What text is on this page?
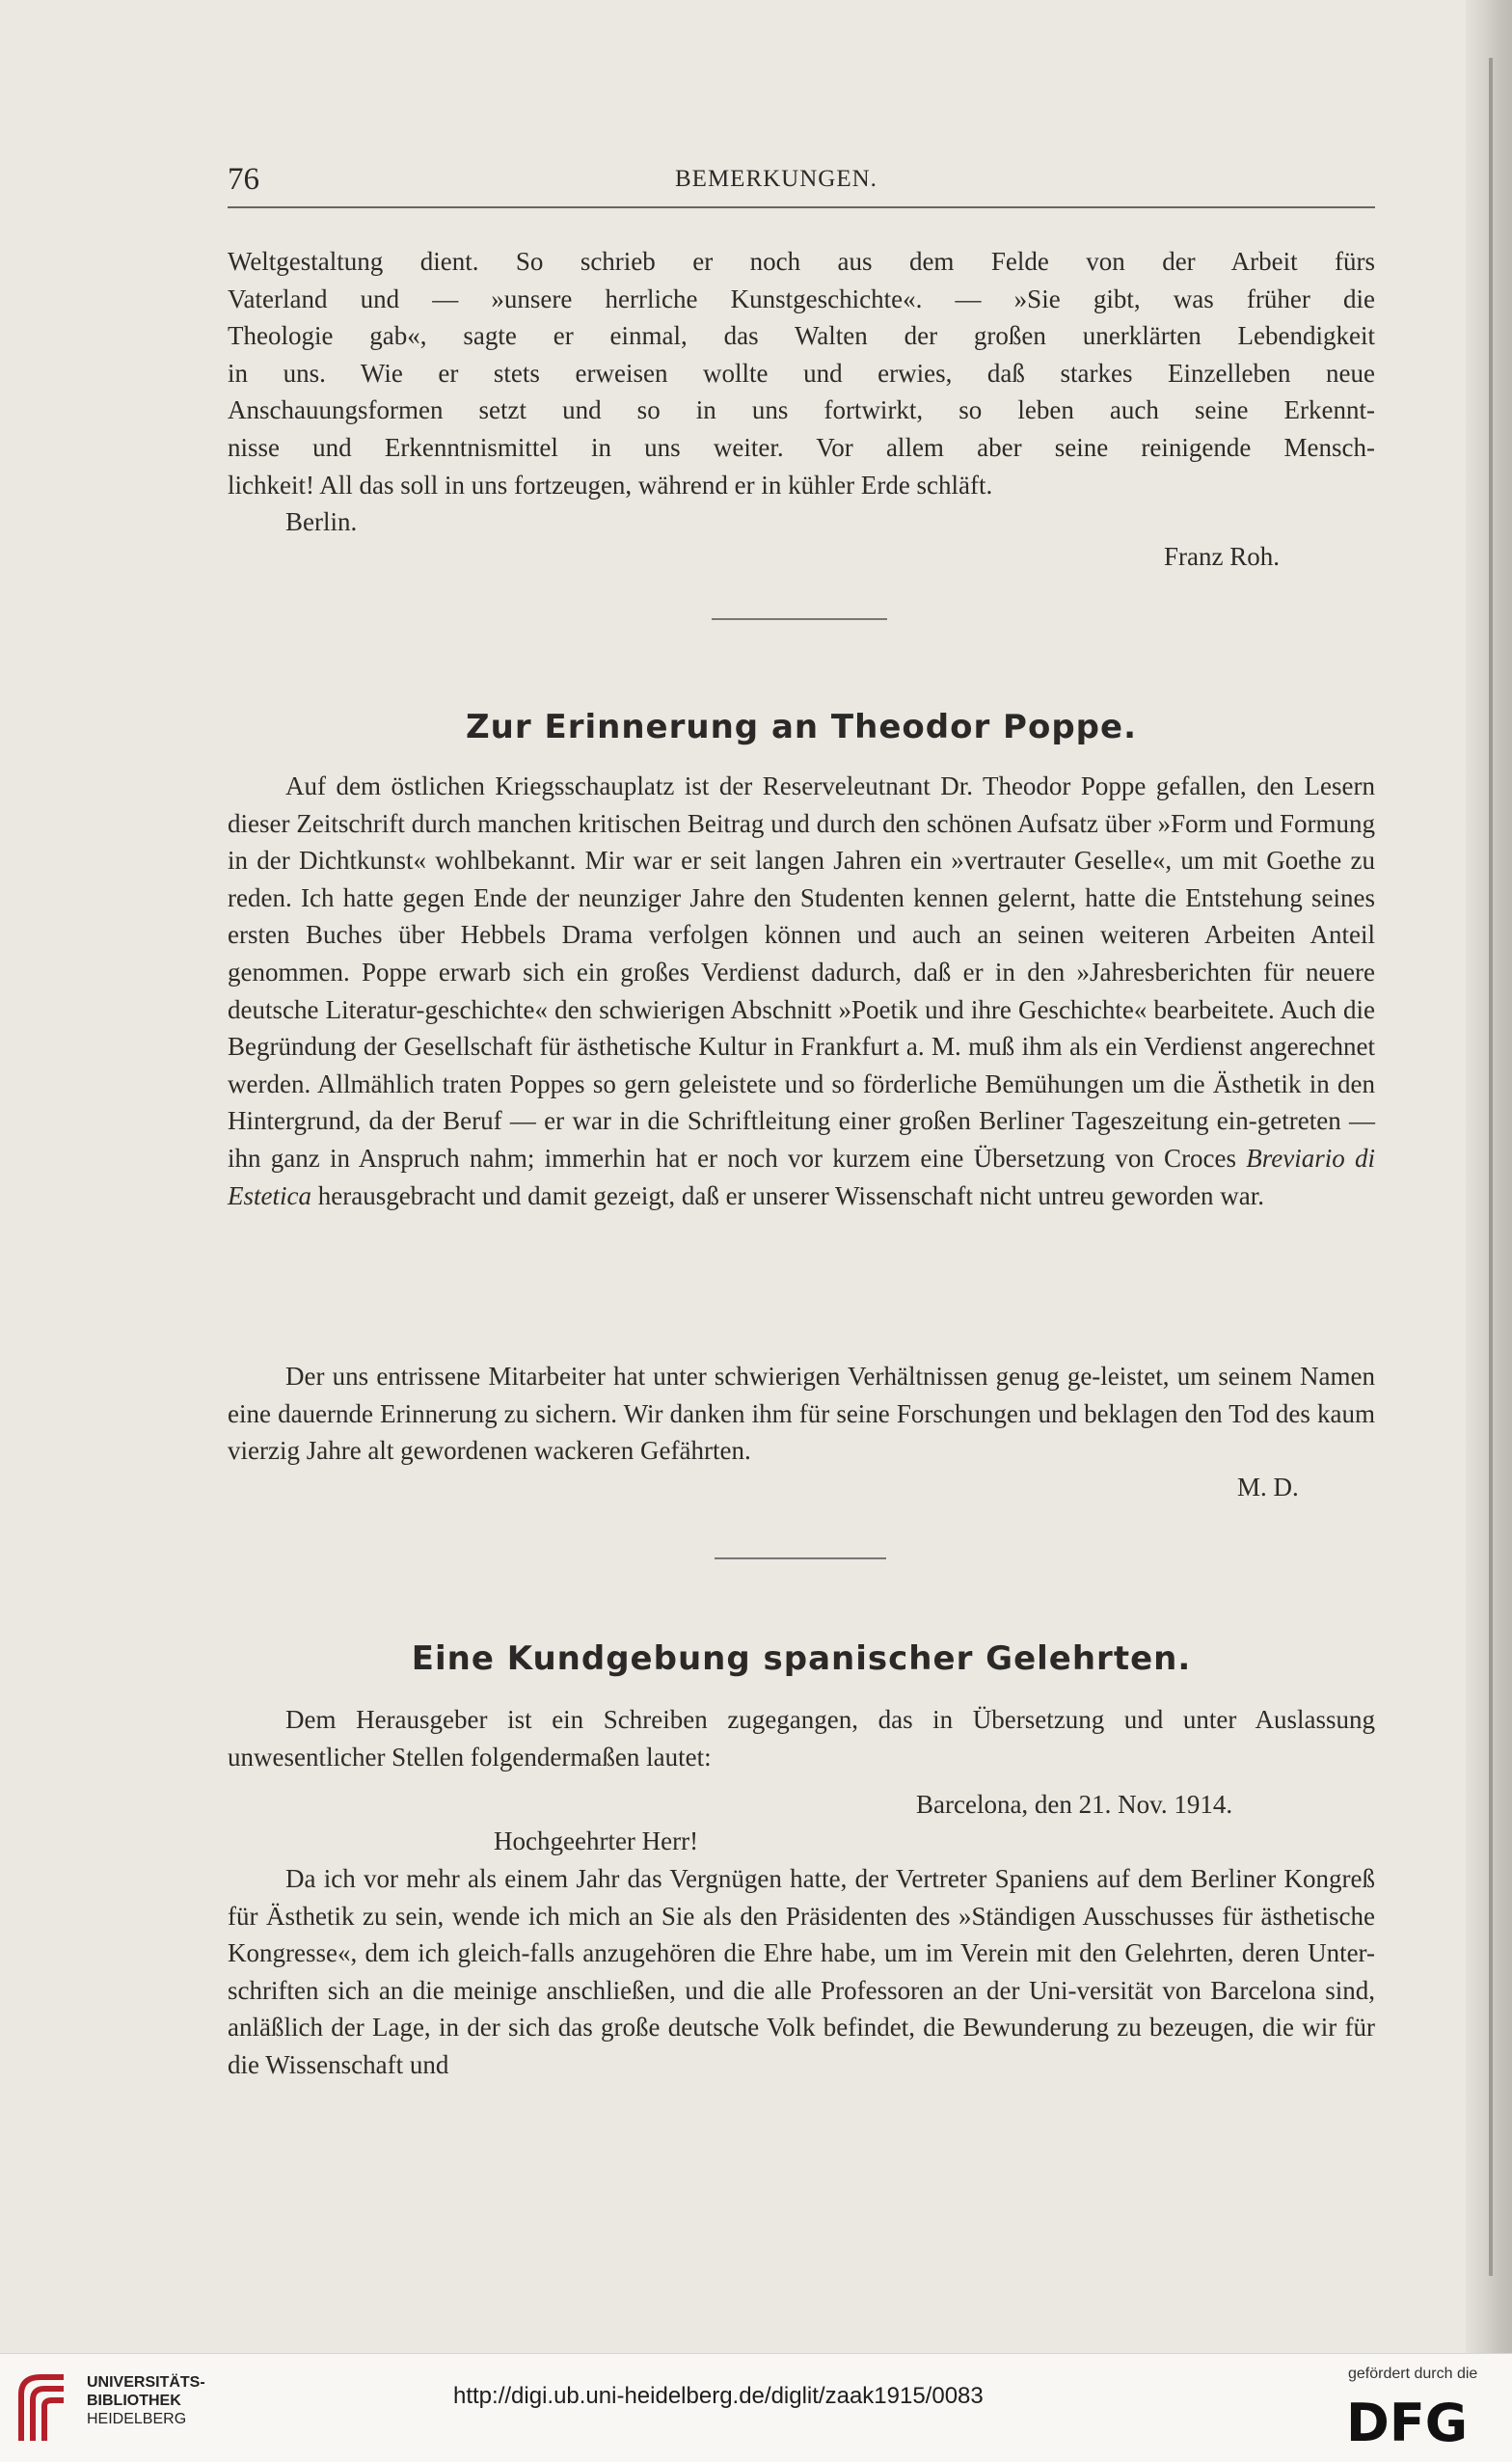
76	BEMERKUNGEN.
Weltgestaltung dient. So schrieb er noch aus dem Felde von der Arbeit fürs
Vaterland und — »unsere herrliche Kunstgeschichte«. — »Sie gibt, was früher die
Theologie gab«, sagte er einmal, das Walten der großen unerklärten Lebendigkeit
in uns. Wie er stets erweisen wollte und erwies, daß starkes Einzelleben neue
Anschauungsformen setzt und so in uns fortwirkt, so leben auch seine Erkennt-
nisse und Erkenntnismittel in uns weiter. Vor allem aber seine reinigende Mensch-
lichkeit! All das soll in uns fortzeugen, während er in kühler Erde schläft.
Berlin.
Franz Roh.
Zur Erinnerung an Theodor Poppe.

Auf dem östlichen Kriegsschauplatz ist der Reserveleutnant Dr. Theodor Poppe gefallen, den Lesern dieser Zeitschrift durch manchen kritischen Beitrag und durch den schönen Aufsatz über »Form und Formung in der Dichtkunst« wohlbekannt. Mir war er seit langen Jahren ein »vertrauter Geselle«, um mit Goethe zu reden. Ich hatte gegen Ende der neunziger Jahre den Studenten kennen gelernt, hatte die Entstehung seines ersten Buches über Hebbels Drama verfolgen können und auch an seinen weiteren Arbeiten Anteil genommen. Poppe erwarb sich ein großes Verdienst dadurch, daß er in den »Jahresberichten für neuere deutsche Literatur-geschichte« den schwierigen Abschnitt »Poetik und ihre Geschichte« bearbeitete. Auch die Begründung der Gesellschaft für ästhetische Kultur in Frankfurt a. M. muß ihm als ein Verdienst angerechnet werden. Allmählich traten Poppes so gern geleistete und so förderliche Bemühungen um die Ästhetik in den Hintergrund, da der Beruf — er war in die Schriftleitung einer großen Berliner Tageszeitung ein-getreten — ihn ganz in Anspruch nahm; immerhin hat er noch vor kurzem eine Übersetzung von Croces Breviario di Estetica herausgebracht und damit gezeigt, daß er unserer Wissenschaft nicht untreu geworden war.

Der uns entrissene Mitarbeiter hat unter schwierigen Verhältnissen genug ge-leistet, um seinem Namen eine dauernde Erinnerung zu sichern. Wir danken ihm für seine Forschungen und beklagen den Tod des kaum vierzig Jahre alt gewordenen wackeren Gefährten.

M. D.
Eine Kundgebung spanischer Gelehrten.

Dem Herausgeber ist ein Schreiben zugegangen, das in Übersetzung und unter Auslassung unwesentlicher Stellen folgendermaßen lautet:

Barcelona, den 21. Nov. 1914.
Hochgeehrter Herr!

Da ich vor mehr als einem Jahr das Vergnügen hatte, der Vertreter Spaniens auf dem Berliner Kongreß für Ästhetik zu sein, wende ich mich an Sie als den Präsidenten des »Ständigen Ausschusses für ästhetische Kongresse«, dem ich gleich-falls anzugehören die Ehre habe, um im Verein mit den Gelehrten, deren Unter-schriften sich an die meinige anschließen, und die alle Professoren an der Uni-versität von Barcelona sind, anläßlich der Lage, in der sich das große deutsche Volk befindet, die Bewunderung zu bezeugen, die wir für die Wissenschaft und

UNIVERSITÄTS-
BIBLIOTHEK
HEIDELBERG
http://digi.ub.uni-heidelberg.de/diglit/zaak1915/0083
gefördert durch die
DFG
